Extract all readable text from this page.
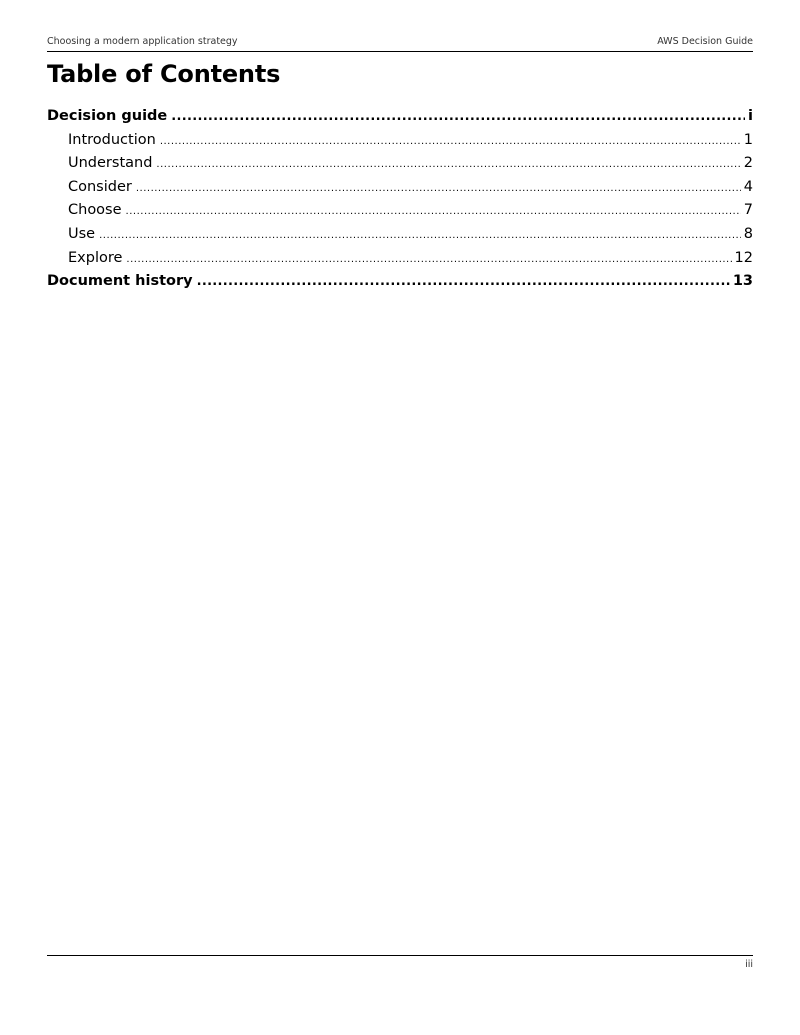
Choosing a modern application strategy	AWS Decision Guide
Table of Contents
Decision guide .....	i
Introduction .....	1
Understand .....	2
Consider .....	4
Choose .....	7
Use .....	8
Explore .....	12
Document history .....	13
iii
